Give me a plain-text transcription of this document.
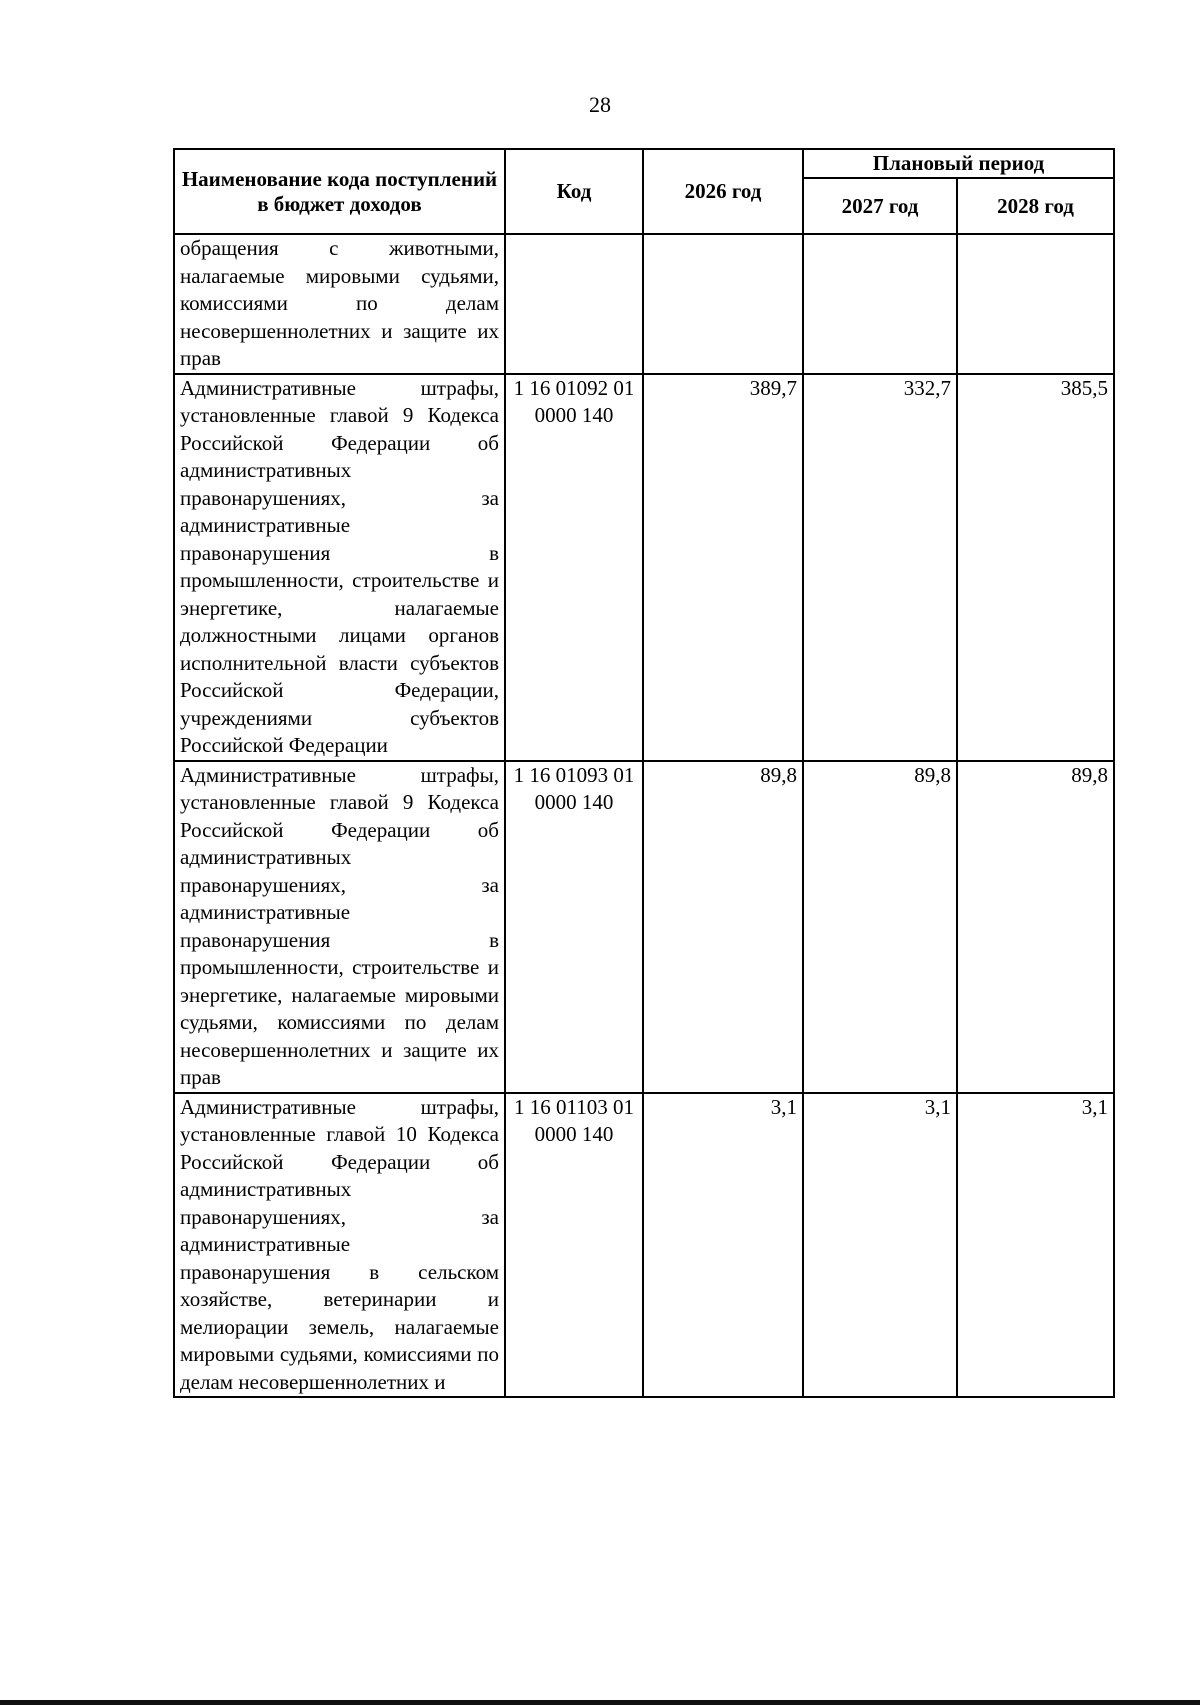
28
Наименование кода поступлений в бюджет доходов	Код	2026 год	Плановый период	
			2027 год	2028 год
обращения с животными, налагаемые мировыми судьями, комиссиями по делам несовершеннолетних и защите их прав				
Административные штрафы, установленные главой 9 Кодекса Российской Федерации об административных правонарушениях, за административные правонарушения в промышленности, строительстве и энергетике, налагаемые должностными лицами органов исполнительной власти субъектов Российской Федерации, учреждениями субъектов Российской Федерации	1 16 01092 01 0000 140	389,7	332,7	385,5
Административные штрафы, установленные главой 9 Кодекса Российской Федерации об административных правонарушениях, за административные правонарушения в промышленности, строительстве и энергетике, налагаемые мировыми судьями, комиссиями по делам несовершеннолетних и защите их прав	1 16 01093 01 0000 140	89,8	89,8	89,8
Административные штрафы, установленные главой 10 Кодекса Российской Федерации об административных правонарушениях, за административные правонарушения в сельском хозяйстве, ветеринарии и мелиорации земель, налагаемые мировыми судьями, комиссиями по делам несовершеннолетних и	1 16 01103 01 0000 140	3,1	3,1	3,1
